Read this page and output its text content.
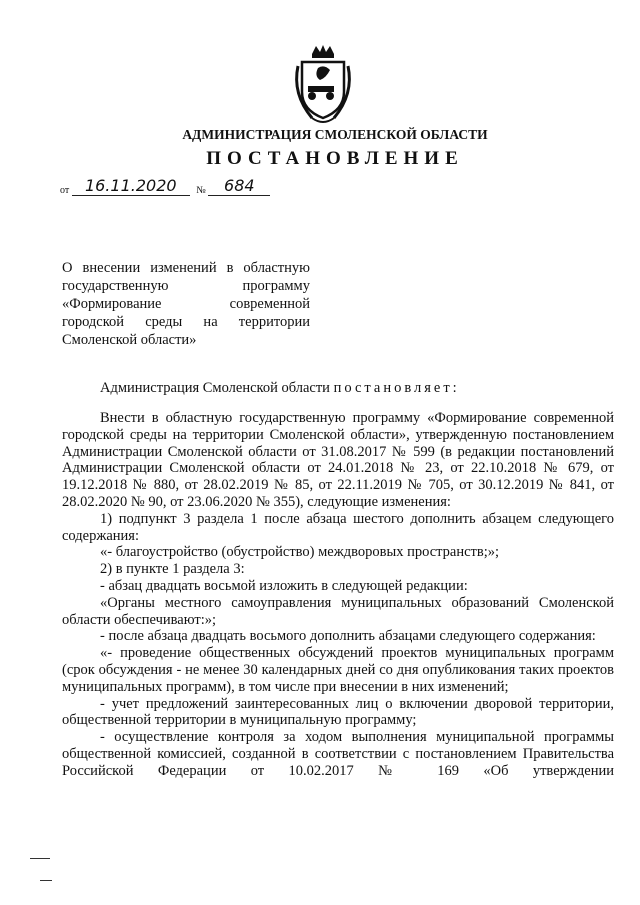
АДМИНИСТРАЦИЯ СМОЛЕНСКОЙ ОБЛАСТИ
ПОСТАНОВЛЕНИЕ
от 16.11.2020 № 684
О внесении изменений в областную
государственную программу
«Формирование современной
городской среды на территории
Смоленской области»
Администрация Смоленской области постановляет:

Внести в областную государственную программу «Формирование современной городской среды на территории Смоленской области», утвержденную постановлением Администрации Смоленской области от 31.08.2017 № 599 (в редакции постановлений Администрации Смоленской области от 24.01.2018 № 23, от 22.10.2018 № 679, от 19.12.2018 № 880, от 28.02.2019 № 85, от 22.11.2019 № 705, от 30.12.2019 № 841, от 28.02.2020 № 90, от 23.06.2020 № 355), следующие изменения:

1) подпункт 3 раздела 1 после абзаца шестого дополнить абзацем следующего содержания:

«- благоустройство (обустройство) междворовых пространств;»;

2) в пункте 1 раздела 3:

- абзац двадцать восьмой изложить в следующей редакции:

«Органы местного самоуправления муниципальных образований Смоленской области обеспечивают:»;

- после абзаца двадцать восьмого дополнить абзацами следующего содержания:

«- проведение общественных обсуждений проектов муниципальных программ (срок обсуждения - не менее 30 календарных дней со дня опубликования таких проектов муниципальных программ), в том числе при внесении в них изменений;

- учет предложений заинтересованных лиц о включении дворовой территории, общественной территории в муниципальную программу;

- осуществление контроля за ходом выполнения муниципальной программы общественной комиссией, созданной в соответствии с постановлением Правительства Российской Федерации от 10.02.2017 № 169 «Об утверждении
